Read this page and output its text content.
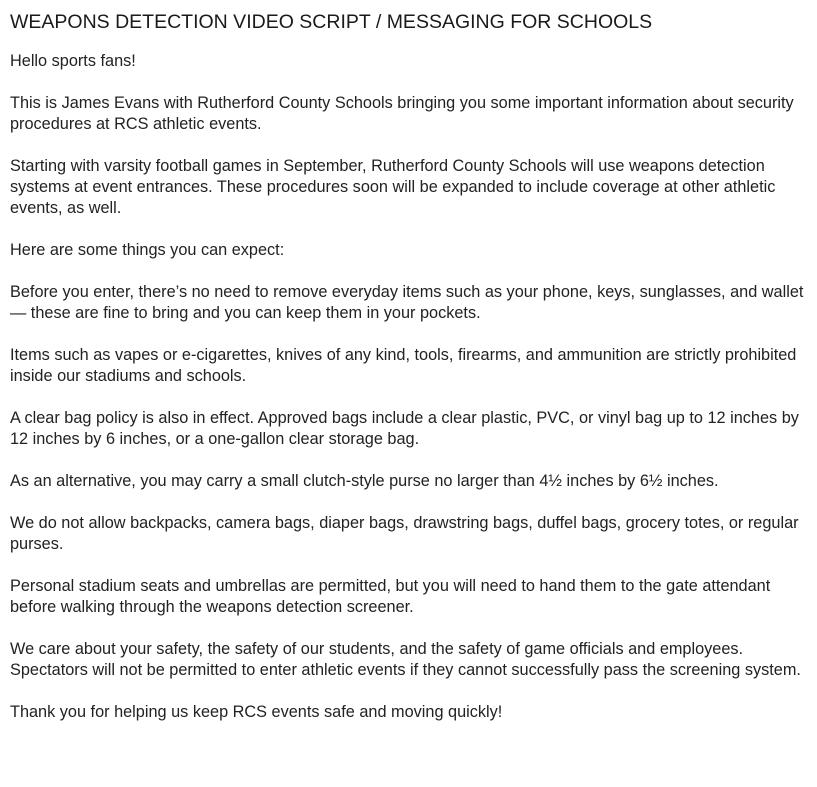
WEAPONS DETECTION VIDEO SCRIPT / MESSAGING FOR SCHOOLS

Hello sports fans!

This is James Evans with Rutherford County Schools bringing you some important information about security procedures at RCS athletic events.

Starting with varsity football games in September, Rutherford County Schools will use weapons detection systems at event entrances. These procedures soon will be expanded to include coverage at other athletic events, as well.

Here are some things you can expect:

Before you enter, there’s no need to remove everyday items such as your phone, keys, sunglasses, and wallet — these are fine to bring and you can keep them in your pockets.

Items such as vapes or e-cigarettes, knives of any kind, tools, firearms, and ammunition are strictly prohibited inside our stadiums and schools.

A clear bag policy is also in effect. Approved bags include a clear plastic, PVC, or vinyl bag up to 12 inches by 12 inches by 6 inches, or a one-gallon clear storage bag.

As an alternative, you may carry a small clutch-style purse no larger than 4½ inches by 6½ inches.

We do not allow backpacks, camera bags, diaper bags, drawstring bags, duffel bags, grocery totes, or regular purses.

Personal stadium seats and umbrellas are permitted, but you will need to hand them to the gate attendant before walking through the weapons detection screener.

We care about your safety, the safety of our students, and the safety of game officials and employees. Spectators will not be permitted to enter athletic events if they cannot successfully pass the screening system.

Thank you for helping us keep RCS events safe and moving quickly!
